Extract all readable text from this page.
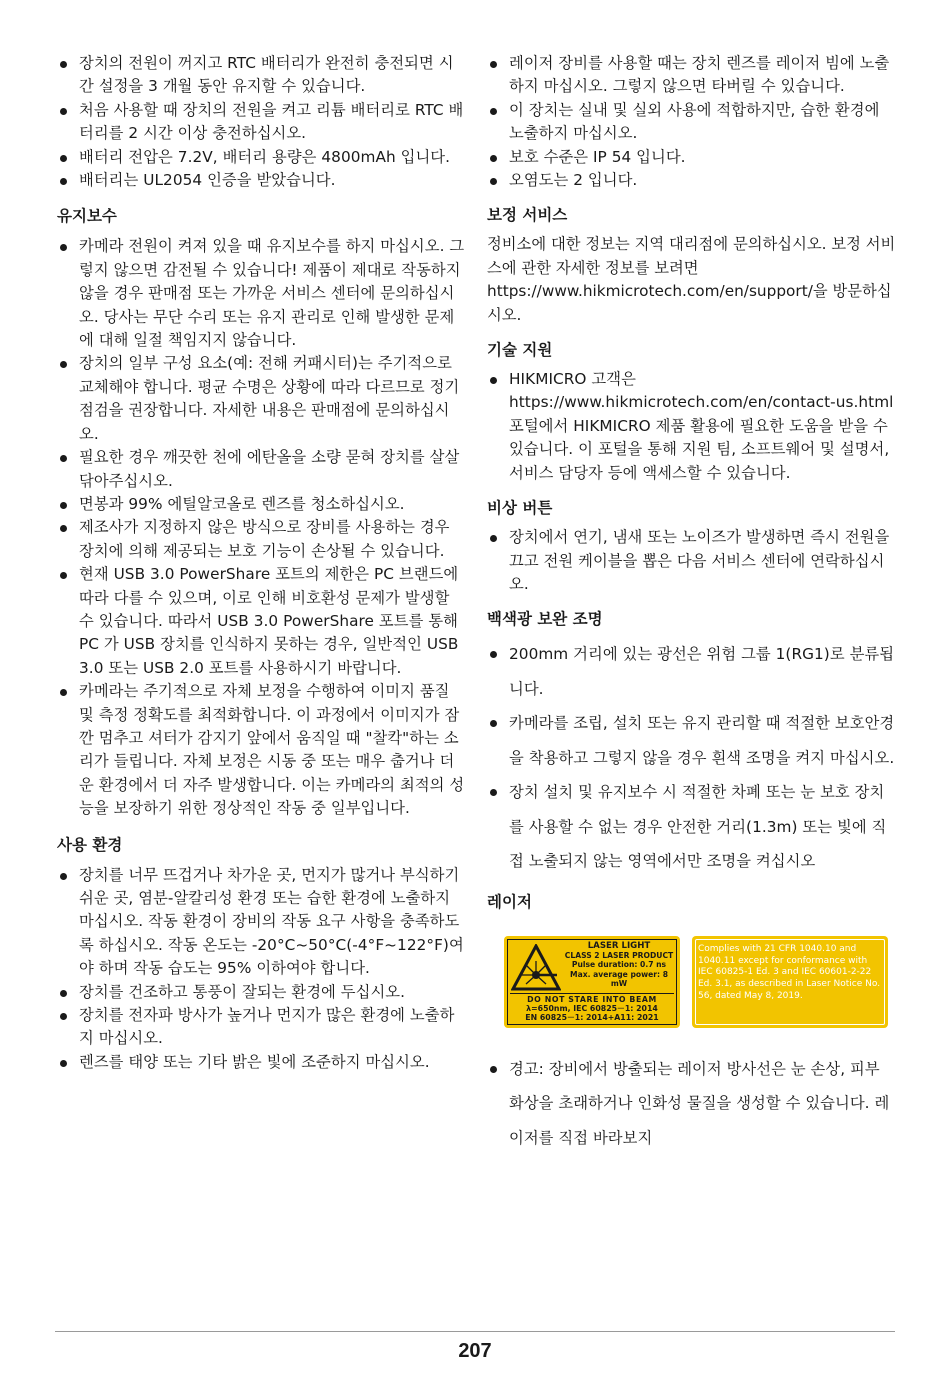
장치의 전원이 꺼지고 RTC 배터리가 완전히 충전되면 시간 설정을 3 개월 동안 유지할 수 있습니다.
처음 사용할 때 장치의 전원을 켜고 리튬 배터리로 RTC 배터리를 2 시간 이상 충전하십시오.
배터리 전압은 7.2V, 배터리 용량은 4800mAh 입니다.
배터리는 UL2054 인증을 받았습니다.
유지보수
카메라 전원이 켜져 있을 때 유지보수를 하지 마십시오. 그렇지 않으면 감전될 수 있습니다! 제품이 제대로 작동하지 않을 경우 판매점 또는 가까운 서비스 센터에 문의하십시오. 당사는 무단 수리 또는 유지 관리로 인해 발생한 문제에 대해 일절 책임지지 않습니다.
장치의 일부 구성 요소(예: 전해 커패시터)는 주기적으로 교체해야 합니다. 평균 수명은 상황에 따라 다르므로 정기 점검을 권장합니다. 자세한 내용은 판매점에 문의하십시오.
필요한 경우 깨끗한 천에 에탄올을 소량 묻혀 장치를 살살 닦아주십시오.
면봉과 99% 에틸알코올로 렌즈를 청소하십시오.
제조사가 지정하지 않은 방식으로 장비를 사용하는 경우 장치에 의해 제공되는 보호 기능이 손상될 수 있습니다.
현재 USB 3.0 PowerShare 포트의 제한은 PC 브랜드에 따라 다를 수 있으며, 이로 인해 비호환성 문제가 발생할 수 있습니다. 따라서 USB 3.0 PowerShare 포트를 통해 PC 가 USB 장치를 인식하지 못하는 경우, 일반적인 USB 3.0 또는 USB 2.0 포트를 사용하시기 바랍니다.
카메라는 주기적으로 자체 보정을 수행하여 이미지 품질 및 측정 정확도를 최적화합니다. 이 과정에서 이미지가 잠깐 멈추고 셔터가 감지기 앞에서 움직일 때 "찰칵"하는 소리가 들립니다. 자체 보정은 시동 중 또는 매우 춥거나 더운 환경에서 더 자주 발생합니다. 이는 카메라의 최적의 성능을 보장하기 위한 정상적인 작동 중 일부입니다.
사용 환경
장치를 너무 뜨겁거나 차가운 곳, 먼지가 많거나 부식하기 쉬운 곳, 염분-알칼리성 환경 또는 습한 환경에 노출하지 마십시오. 작동 환경이 장비의 작동 요구 사항을 충족하도록 하십시오. 작동 온도는 -20°C~50°C(-4°F~122°F)여야 하며 작동 습도는 95% 이하여야 합니다.
장치를 건조하고 통풍이 잘되는 환경에 두십시오.
장치를 전자파 방사가 높거나 먼지가 많은 환경에 노출하지 마십시오.
렌즈를 태양 또는 기타 밝은 빛에 조준하지 마십시오.
레이저 장비를 사용할 때는 장치 렌즈를 레이저 빔에 노출하지 마십시오. 그렇지 않으면 타버릴 수 있습니다.
이 장치는 실내 및 실외 사용에 적합하지만, 습한 환경에 노출하지 마십시오.
보호 수준은 IP 54 입니다.
오염도는 2 입니다.
보정 서비스

정비소에 대한 정보는 지역 대리점에 문의하십시오. 보정 서비스에 관한 자세한 정보를 보려면 https://www.hikmicrotech.com/en/support/을 방문하십시오.

기술 지원
HIKMICRO 고객은 https://www.hikmicrotech.com/en/contact-us.html 포털에서 HIKMICRO 제품 활용에 필요한 도움을 받을 수 있습니다. 이 포털을 통해 지원 팀, 소프트웨어 및 설명서, 서비스 담당자 등에 액세스할 수 있습니다.
비상 버튼
장치에서 연기, 냄새 또는 노이즈가 발생하면 즉시 전원을 끄고 전원 케이블을 뽑은 다음 서비스 센터에 연락하십시오.
백색광 보완 조명
200mm 거리에 있는 광선은 위험 그룹 1(RG1)로 분류됩니다.
카메라를 조립, 설치 또는 유지 관리할 때 적절한 보호안경을 착용하고 그렇지 않을 경우 흰색 조명을 켜지 마십시오.
장치 설치 및 유지보수 시 적절한 차폐 또는 눈 보호 장치를 사용할 수 없는 경우 안전한 거리(1.3m) 또는 빛에 직접 노출되지 않는 영역에서만 조명을 켜십시오
레이저
LASER LIGHT
CLASS 2 LASER PRODUCT
Pulse duration: 0.7 ns
Max. average power: 8 mW
DO NOT STARE INTO BEAM
λ=650nm, IEC 60825－1: 2014
EN 60825－1: 2014+A11: 2021
Complies with 21 CFR 1040.10 and 1040.11 except for conformance with IEC 60825-1 Ed. 3 and IEC 60601-2-22 Ed. 3.1, as described in Laser Notice No. 56, dated May 8, 2019.
경고: 장비에서 방출되는 레이저 방사선은 눈 손상, 피부 화상을 초래하거나 인화성 물질을 생성할 수 있습니다. 레이저를 직접 바라보지
207
